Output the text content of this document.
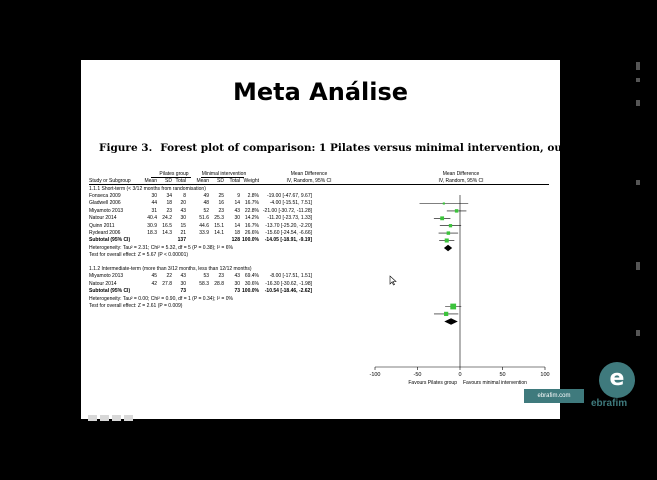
Meta Análise
Figure 3. Forest plot of comparison: 1 Pilates versus minimal intervention, outcome: 1.1 Pain.
Pilates group	Minimal intervention	Mean Difference	Mean Difference
Study or Subgroup	Mean SD Total Mean SD Total Weight	IV, Random, 95% CI	IV, Random, 95% CI
1.1.1 Short-term (< 3/12 months from randomisation)
Fonseca 2009	30 34 8	49 25	9 2.8% -19.00 [-47.67, 9.67]
Gladwell 2006	44 18 20	48 16 14 16.7% -4.00 [-15.51, 7.51]
Miyamoto 2013	31 23 43	52 23 43 22.8% -21.00 [-30.72, -11.28]
Natour 2014	40.4 24.2 30	51.6 25.3 30 14.2% -11.20 [-23.73, 1.33]
Quinn 2011	30.9 16.5 15	44.6 15.1 14 16.7% -13.70 [-25.20, -2.20]
Rydeard 2006	18.3 14.3 21	33.9 14.1 18 26.6% -15.60 [-24.54, -6.66]
Subtotal (95% CI)	137	128 100.0% -14.05 [-18.91, -9.19]
Heterogeneity: Tau² = 2.31; Chi² = 5.32, df = 5 (P = 0.38); I² = 6%
Test for overall effect: Z = 5.67 (P < 0.00001)
1.1.2 Intermediate-term (more than 3/12 months, less than 12/12 months)
Miyamoto 2013	45 22 43	53 23 43 69.4% -8.00 [-17.51, 1.51]
Natour 2014	42 27.8 30	58.3 28.8 30 30.6% -16.30 [-30.62, -1.98]
Subtotal (95% CI)	73	73 100.0% -10.54 [-18.46, -2.62]
Heterogeneity: Tau² = 0.00; Chi² = 0.90, df = 1 (P = 0.34); I² = 0%
Test for overall effect: Z = 2.61 (P = 0.009)
-100	-50	0	50	100
Favours Pilates group Favours minimal intervention
ebrafim.com
e
ebrafim
